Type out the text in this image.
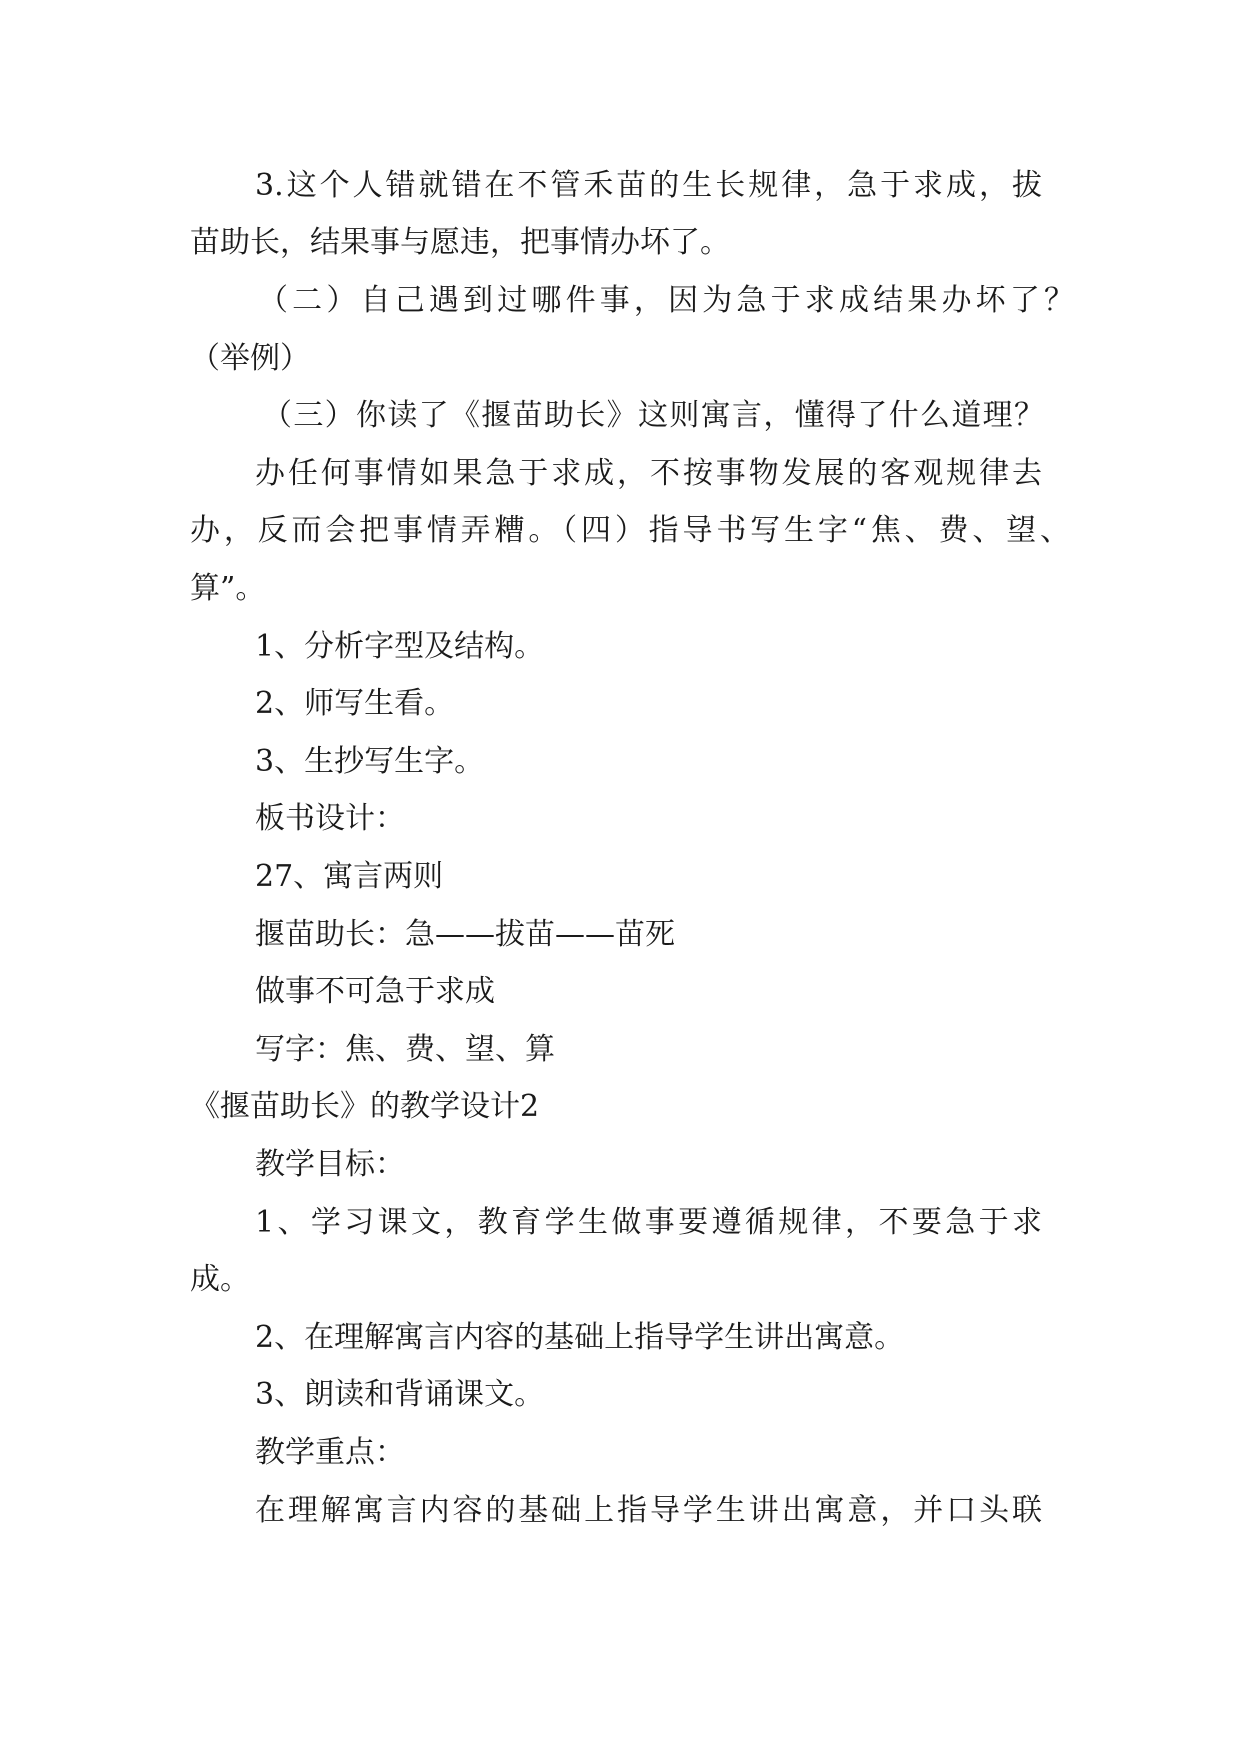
3.这个人错就错在不管禾苗的生长规律，急于求成，拔
苗助长，结果事与愿违，把事情办坏了。
（二）自己遇到过哪件事，因为急于求成结果办坏了？
（举例）
（三）你读了《揠苗助长》这则寓言，懂得了什么道理？
办任何事情如果急于求成，不按事物发展的客观规律去
办，反而会把事情弄糟。（四）指导书写生字“焦、费、望、
算”。
1、分析字型及结构。
2、师写生看。
3、生抄写生字。
板书设计：
27、寓言两则
揠苗助长：急——拔苗——苗死
做事不可急于求成
写字：焦、费、望、算
《揠苗助长》的教学设计2
教学目标：
1、学习课文，教育学生做事要遵循规律，不要急于求
成。
2、在理解寓言内容的基础上指导学生讲出寓意。
3、朗读和背诵课文。
教学重点：
在理解寓言内容的基础上指导学生讲出寓意，并口头联
